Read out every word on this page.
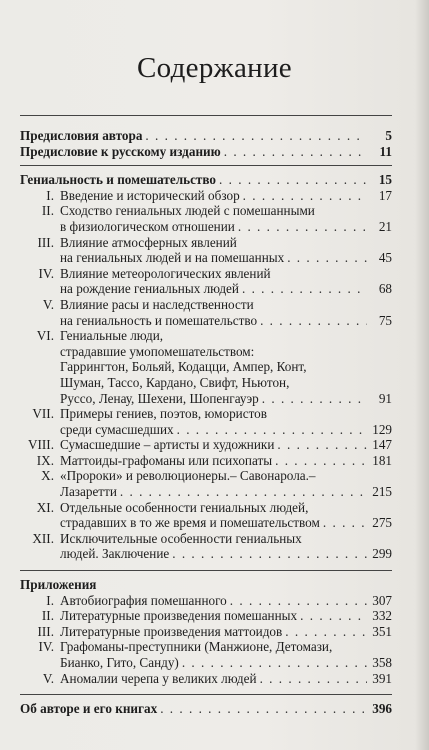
Содержание
Предисловия автора . . .	5
Предисловие к русскому изданию . . .	11
Гениальность и помешательство . . .	15
I. Введение и исторический обзор . . .	17
II. Сходство гениальных людей с помешанными
в физиологическом отношении . . .	21
III. Влияние атмосферных явлений
на гениальных людей и на помешанных . . .	45
IV. Влияние метеорологических явлений
на рождение гениальных людей . . .	68
V. Влияние расы и наследственности
на гениальность и помешательство . . .	75
VI. Гениальные люди,
страдавшие умопомешательством:
Гаррингтон, Больяй, Кодацци, Ампер, Конт,
Шуман, Тассо, Кардано, Свифт, Ньютон,
Руссо, Ленау, Шехени, Шопенгауэр . . .	91
VII. Примеры гениев, поэтов, юмористов
среди сумасшедших . . .	129
VIII. Сумасшедшие – артисты и художники . . .	147
IX. Маттоиды-графоманы или психопаты . . .	181
X. «Пророки» и революционеры.– Савонарола.–
Лазаретти . . .	215
XI. Отдельные особенности гениальных людей,
страдавших в то же время и помешательством . . .	275
XII. Исключительные особенности гениальных
людей. Заключение . . .	299
Приложения
I. Автобиография помешанного . . .	307
II. Литературные произведения помешанных . . .	332
III. Литературные произведения маттоидов . . .	351
IV. Графоманы-преступники (Манжионе, Детомази,
Бианко, Гито, Санду) . . .	358
V. Аномалии черепа у великих людей . . .	391
Об авторе и его книгах . . .	396
